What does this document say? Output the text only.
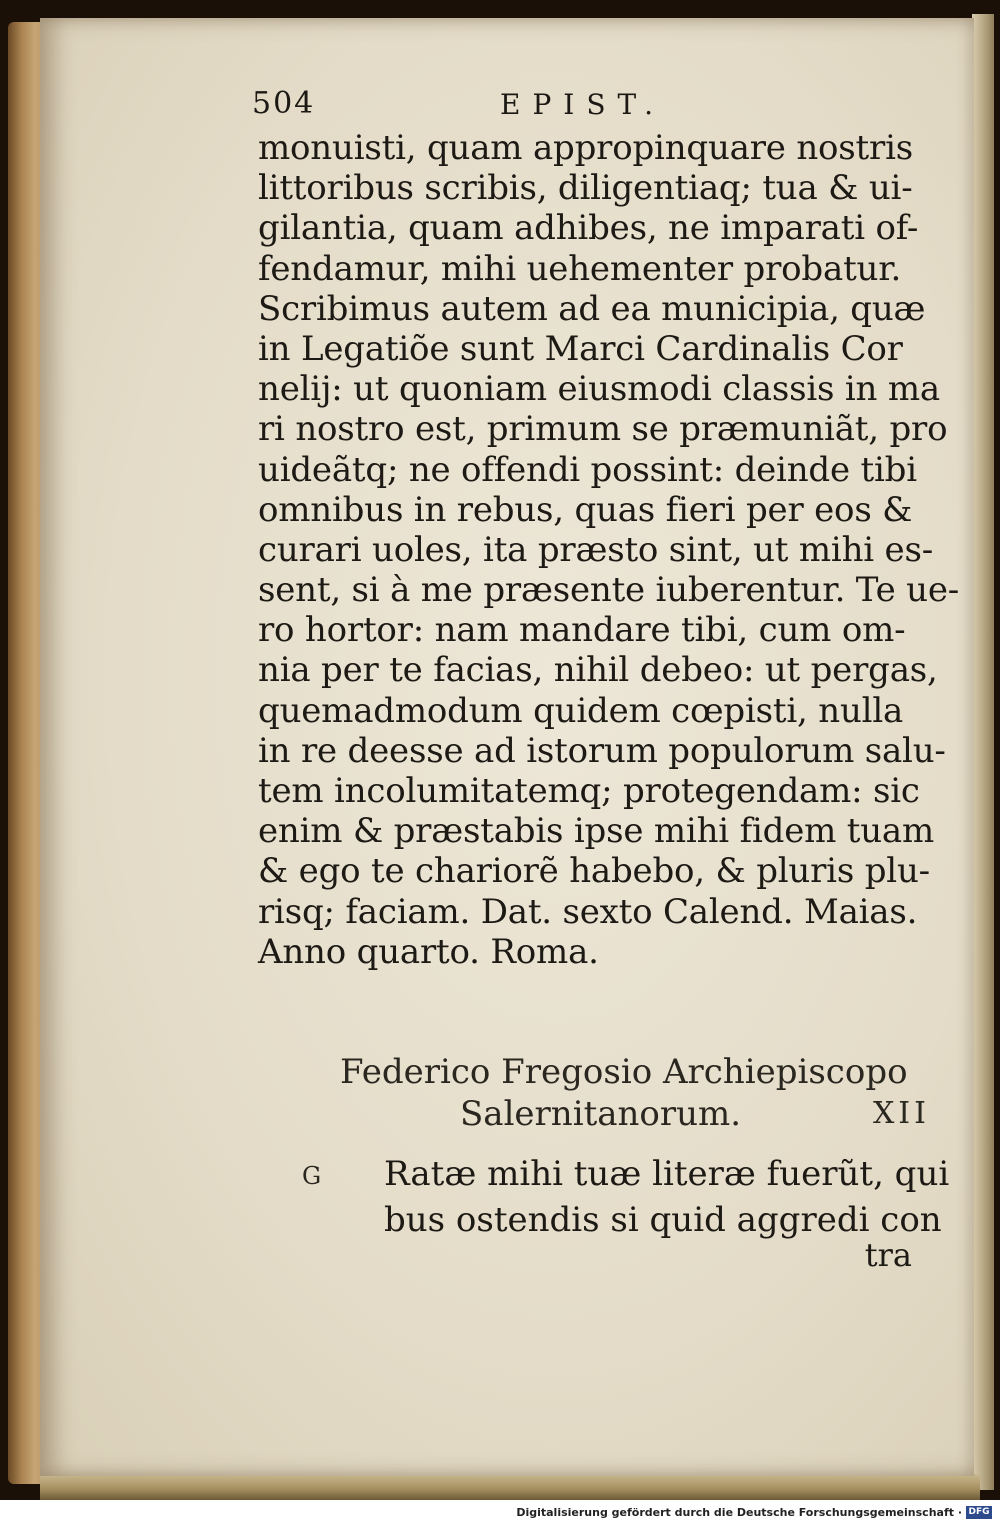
504	EPIST.
monuisti, quam appropinquare nostris
littoribus scribis, diligentiaq; tua & ui-
gilantia, quam adhibes, ne imparati of-
fendamur, mihi uehementer probatur.
Scribimus autem ad ea municipia, quæ
in Legatiõe sunt Marci Cardinalis Cor
nelij: ut quoniam eiusmodi classis in ma
ri nostro est, primum se præmuniãt, pro
uideãtq; ne offendi possint: deinde tibi
omnibus in rebus, quas fieri per eos &
curari uoles, ita præsto sint, ut mihi es-
sent, si à me præsente iuberentur. Te ue-
ro hortor: nam mandare tibi, cum om-
nia per te facias, nihil debeo: ut pergas,
quemadmodum quidem cœpisti, nulla
in re deesse ad istorum populorum salu-
tem incolumitatemq; protegendam: sic
enim & præstabis ipse mihi fidem tuam
& ego te chariorẽ habebo, & pluris plu-
risq; faciam. Dat. sexto Calend. Maias.
Anno quarto. Roma.
Federico Fregosio Archiepiscopo
Salernitanorum.	XII
G Ratæ mihi tuæ literæ fuerũt, qui
bus ostendis si quid aggredi con
tra
Digitalisierung gefördert durch die Deutsche Forschungsgemeinschaft · DFG
